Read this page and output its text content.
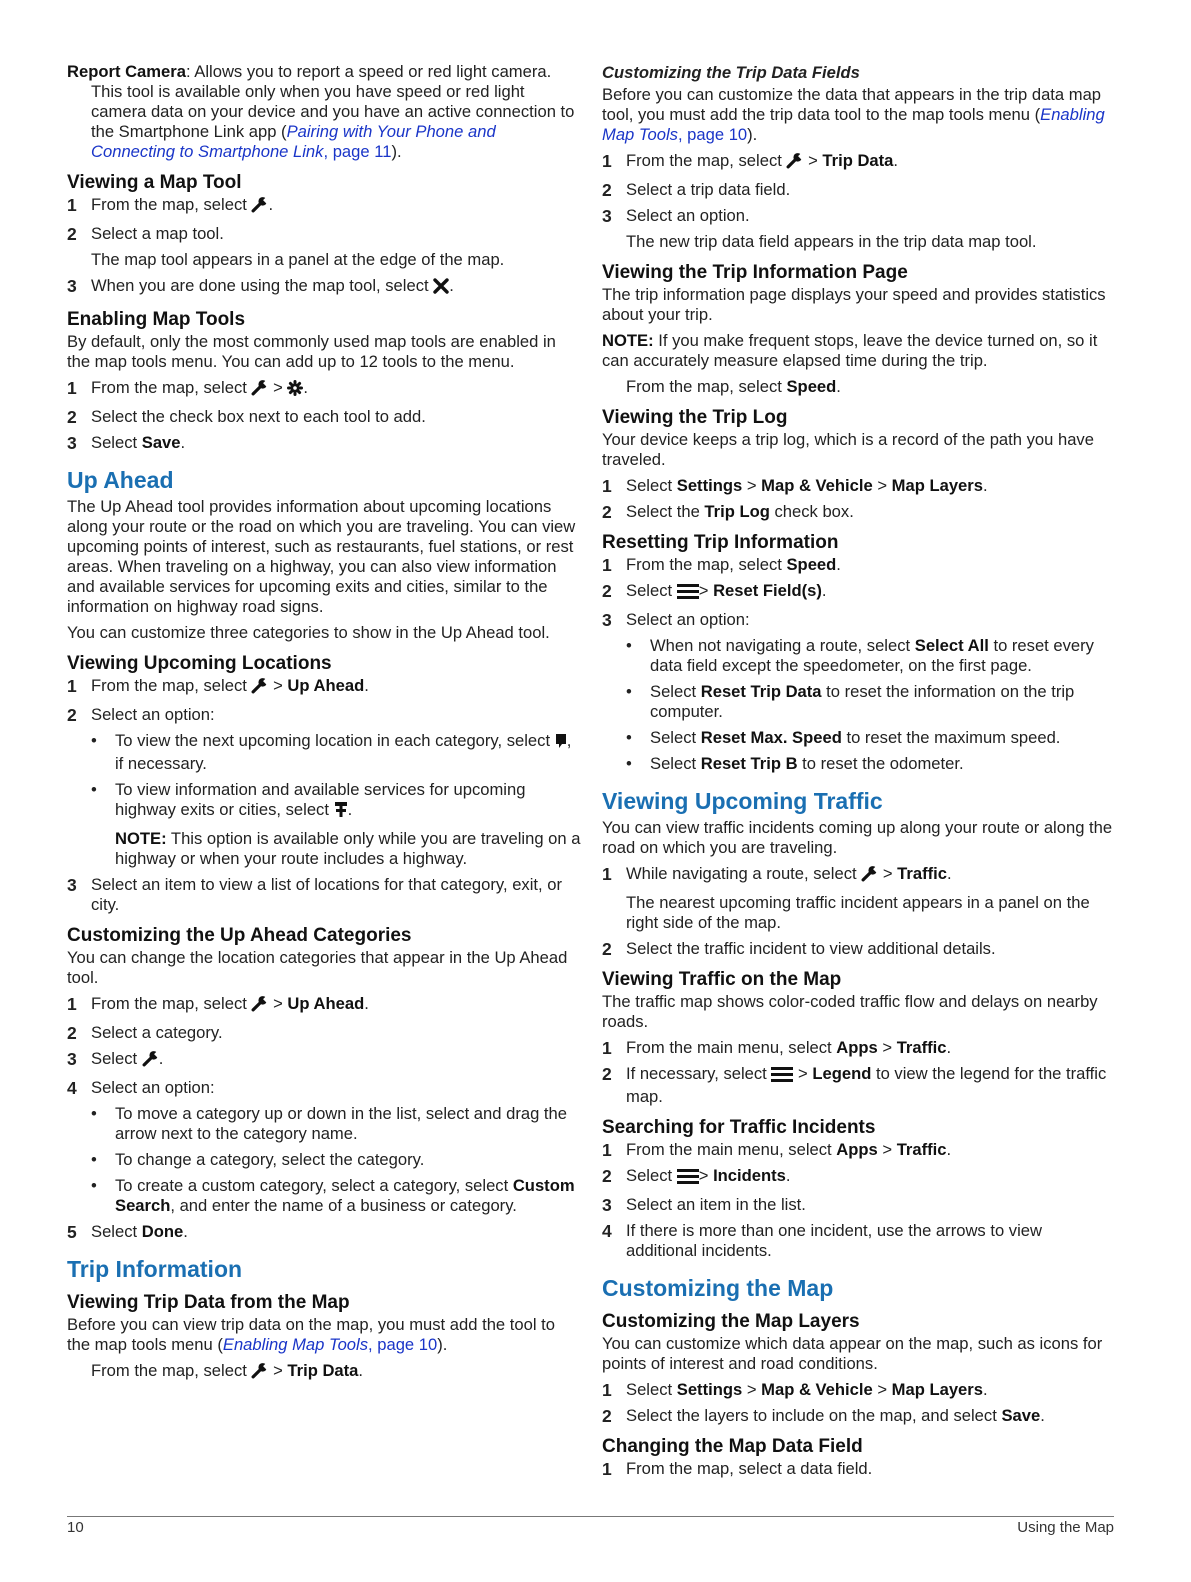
Report Camera: Allows you to report a speed or red light camera. This tool is available only when you have speed or red light camera data on your device and you have an active connection to the Smartphone Link app (Pairing with Your Phone and Connecting to Smartphone Link, page 11).

Viewing a Map Tool
1 From the map, select .
2 Select a map tool.
The map tool appears in a panel at the edge of the map.
3 When you are done using the map tool, select .
Enabling Map Tools

By default, only the most commonly used map tools are enabled in the map tools menu. You can add up to 12 tools to the menu.

1 From the map, select  > .
2 Select the check box next to each tool to add.
3 Select Save.
Up Ahead

The Up Ahead tool provides information about upcoming locations along your route or the road on which you are traveling. You can view upcoming points of interest, such as restaurants, fuel stations, or rest areas. When traveling on a highway, you can also view information and available services for upcoming exits and cities, similar to the information on highway road signs.

You can customize three categories to show in the Up Ahead tool.

Viewing Upcoming Locations
1 From the map, select  > Up Ahead.
2 Select an option:
•	To view the next upcoming location in each category, select , if necessary.
•	To view information and available services for upcoming highway exits or cities, select .
NOTE: This option is available only while you are traveling on a highway or when your route includes a highway.
3 Select an item to view a list of locations for that category, exit, or city.
Customizing the Up Ahead Categories

You can change the location categories that appear in the Up Ahead tool.

1 From the map, select  > Up Ahead.
2 Select a category.
3 Select .
4 Select an option:
•	To move a category up or down in the list, select and drag the arrow next to the category name.
•	To change a category, select the category.
•	To create a custom category, select a category, select Custom Search, and enter the name of a business or category.
5 Select Done.
Trip Information
Viewing Trip Data from the Map

Before you can view trip data on the map, you must add the tool to the map tools menu (Enabling Map Tools, page 10).

From the map, select  > Trip Data.
Customizing the Trip Data Fields

Before you can customize the data that appears in the trip data map tool, you must add the trip data tool to the map tools menu (Enabling Map Tools, page 10).

1 From the map, select  > Trip Data.
2 Select a trip data field.
3 Select an option.
The new trip data field appears in the trip data map tool.
Viewing the Trip Information Page

The trip information page displays your speed and provides statistics about your trip.

NOTE: If you make frequent stops, leave the device turned on, so it can accurately measure elapsed time during the trip.

From the map, select Speed.
Viewing the Trip Log

Your device keeps a trip log, which is a record of the path you have traveled.

1 Select Settings > Map & Vehicle > Map Layers.
2 Select the Trip Log check box.
Resetting Trip Information
1 From the map, select Speed.
2 Select > Reset Field(s).
3 Select an option:
•	When not navigating a route, select Select All to reset every data field except the speedometer, on the first page.
•	Select Reset Trip Data to reset the information on the trip computer.
•	Select Reset Max. Speed to reset the maximum speed.
•	Select Reset Trip B to reset the odometer.
Viewing Upcoming Traffic

You can view traffic incidents coming up along your route or along the road on which you are traveling.

1 While navigating a route, select  > Traffic.
The nearest upcoming traffic incident appears in a panel on the right side of the map.
2 Select the traffic incident to view additional details.
Viewing Traffic on the Map

The traffic map shows color-coded traffic flow and delays on nearby roads.

1 From the main menu, select Apps > Traffic.
2 If necessary, select  > Legend to view the legend for the traffic map.
Searching for Traffic Incidents
1 From the main menu, select Apps > Traffic.
2 Select > Incidents.
3 Select an item in the list.
4 If there is more than one incident, use the arrows to view additional incidents.
Customizing the Map
Customizing the Map Layers

You can customize which data appear on the map, such as icons for points of interest and road conditions.

1 Select Settings > Map & Vehicle > Map Layers.
2 Select the layers to include on the map, and select Save.
Changing the Map Data Field
1 From the map, select a data field.
10	Using the Map
